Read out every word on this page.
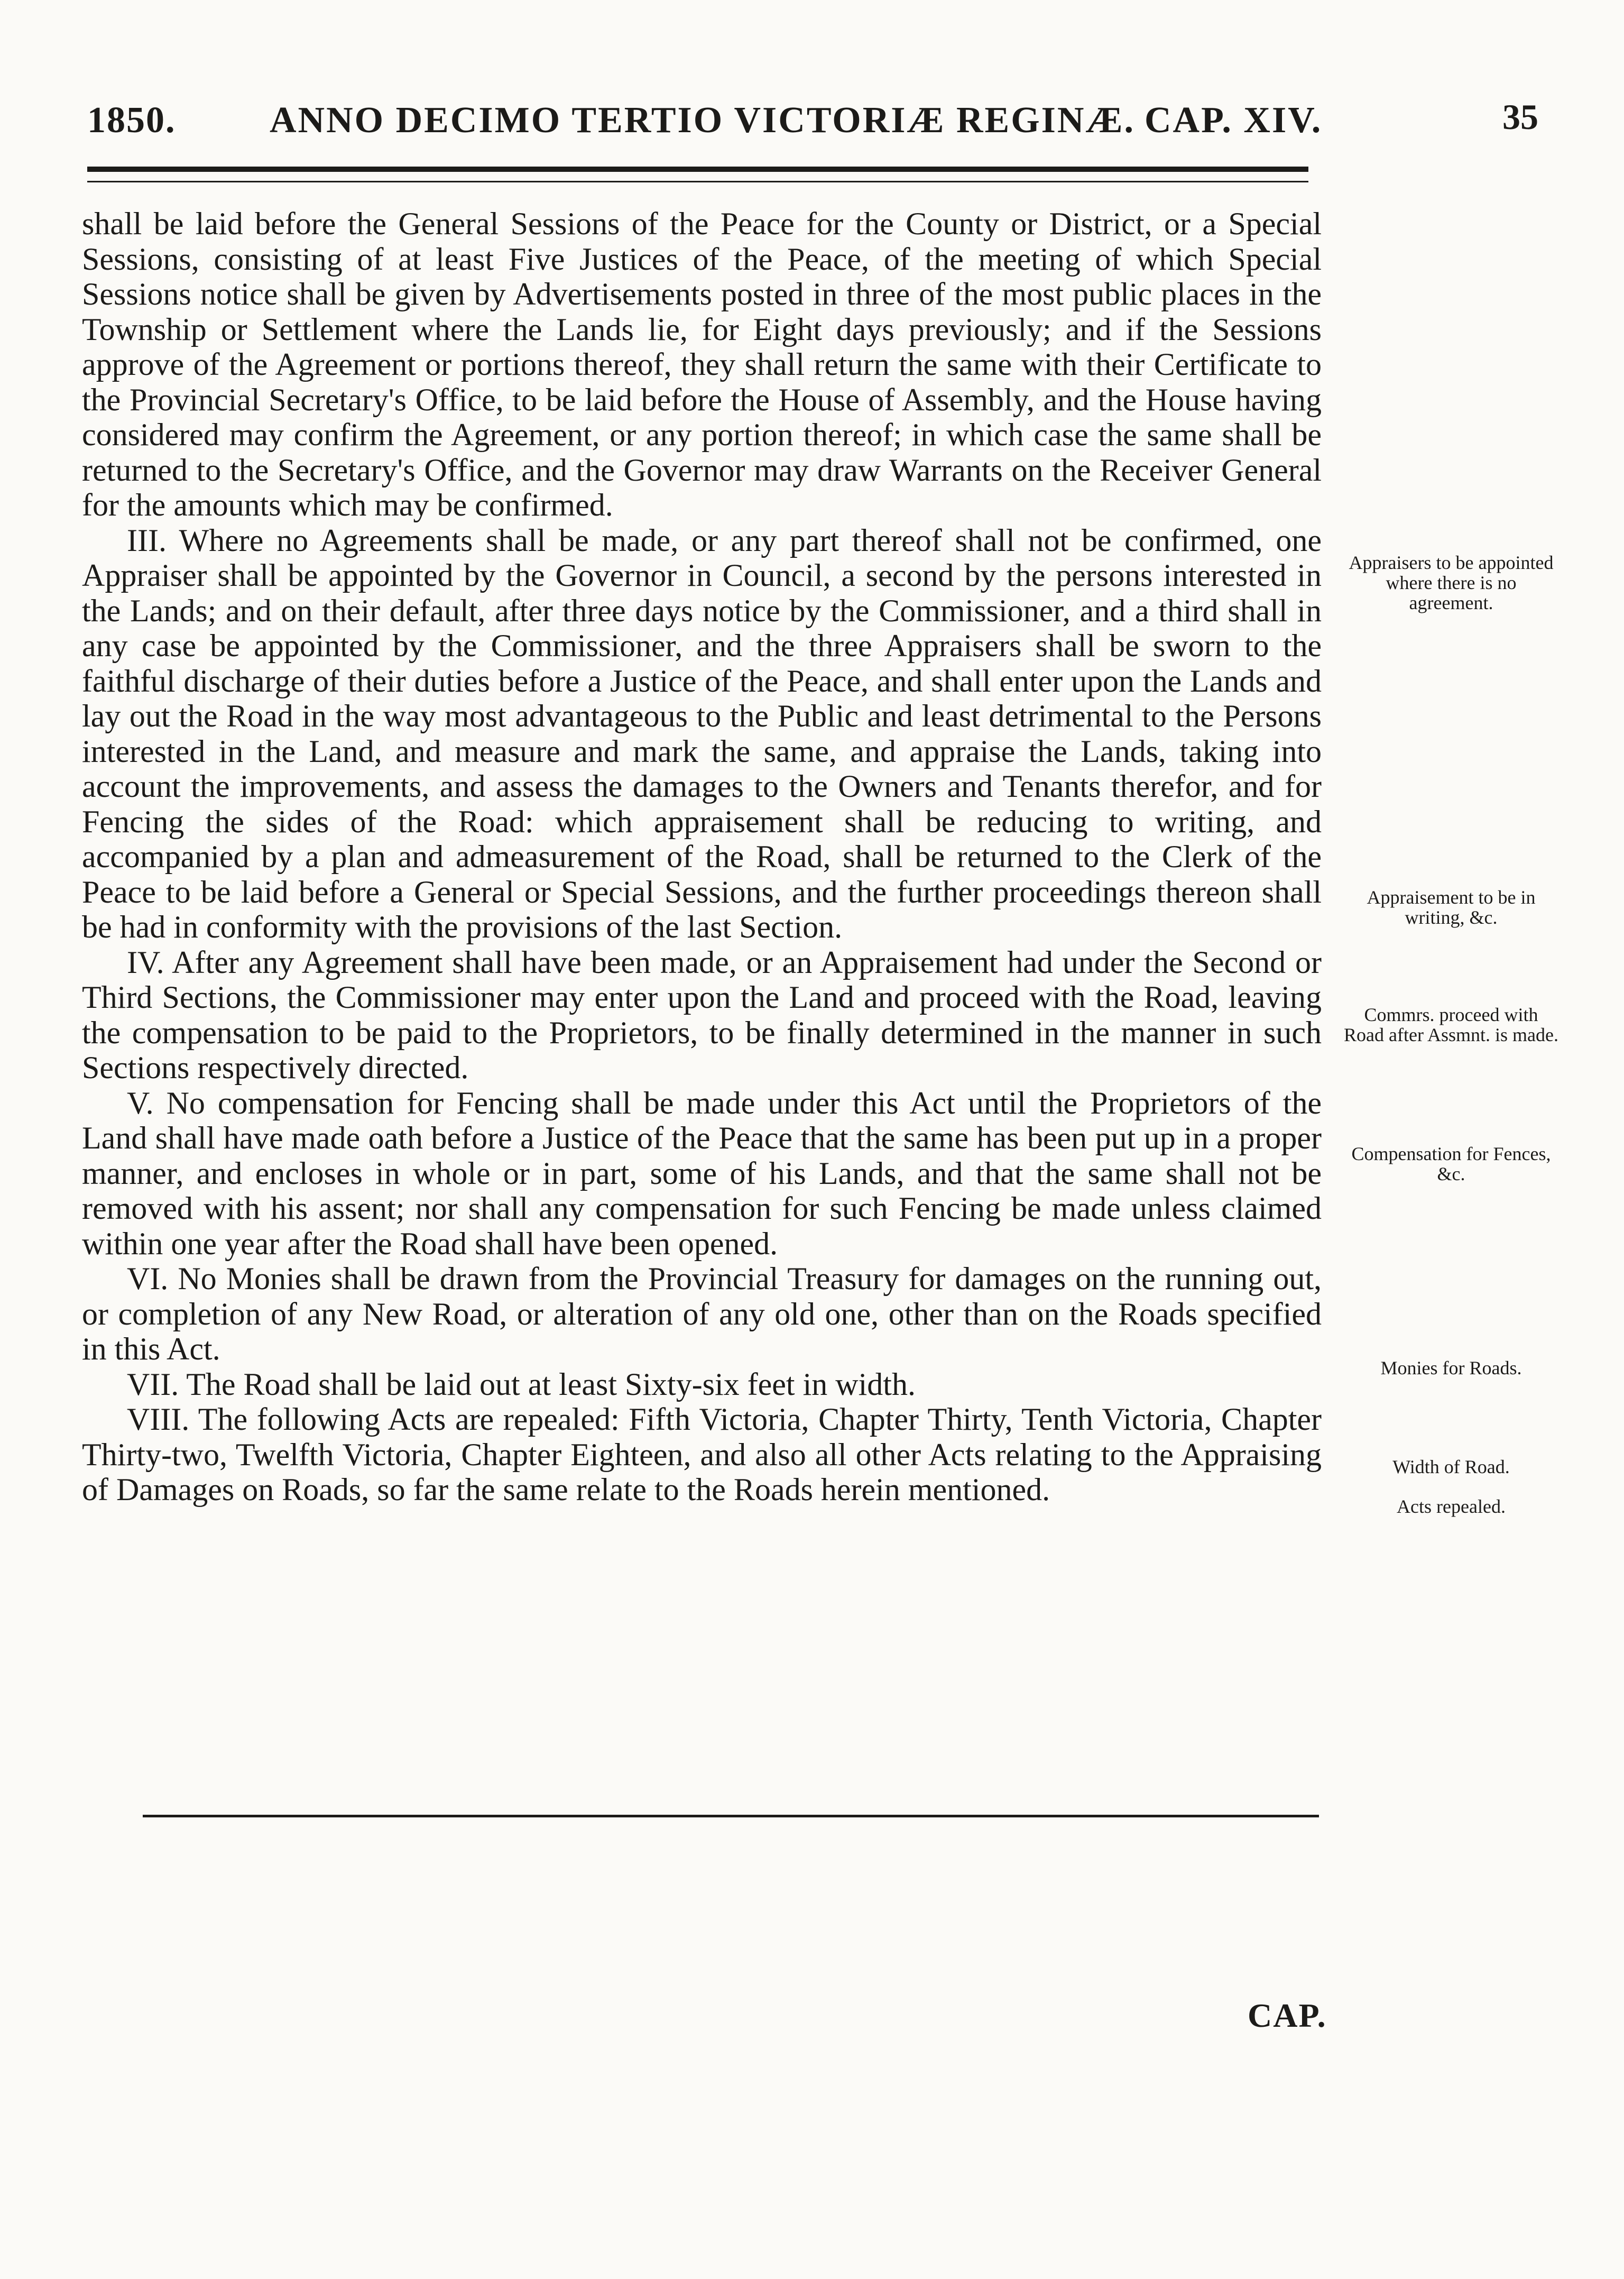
1850.	ANNO DECIMO TERTIO VICTORIÆ REGINÆ. CAP. XIV.	35

shall be laid before the General Sessions of the Peace for the County or District, or a Special Sessions, consisting of at least Five Justices of the Peace, of the meeting of which Special Sessions notice shall be given by Advertisements posted in three of the most public places in the Township or Settlement where the Lands lie, for Eight days previously; and if the Sessions approve of the Agreement or portions thereof, they shall return the same with their Certificate to the Provincial Secretary's Office, to be laid before the House of Assembly, and the House having considered may confirm the Agreement, or any portion thereof; in which case the same shall be returned to the Secretary's Office, and the Governor may draw Warrants on the Receiver General for the amounts which may be confirmed.

III. Where no Agreements shall be made, or any part thereof shall not be confirmed, one Appraiser shall be appointed by the Governor in Council, a second by the persons interested in the Lands; and on their default, after three days notice by the Commissioner, and a third shall in any case be appointed by the Commissioner, and the three Appraisers shall be sworn to the faithful discharge of their duties before a Justice of the Peace, and shall enter upon the Lands and lay out the Road in the way most advantageous to the Public and least detrimental to the Persons interested in the Land, and measure and mark the same, and appraise the Lands, taking into account the improvements, and assess the damages to the Owners and Tenants therefor, and for Fencing the sides of the Road: which appraisement shall be reducing to writing, and accompanied by a plan and admeasurement of the Road, shall be returned to the Clerk of the Peace to be laid before a General or Special Sessions, and the further proceedings thereon shall be had in conformity with the provisions of the last Section.

IV. After any Agreement shall have been made, or an Appraisement had under the Second or Third Sections, the Commissioner may enter upon the Land and proceed with the Road, leaving the compensation to be paid to the Proprietors, to be finally determined in the manner in such Sections respectively directed.

V. No compensation for Fencing shall be made under this Act until the Proprietors of the Land shall have made oath before a Justice of the Peace that the same has been put up in a proper manner, and encloses in whole or in part, some of his Lands, and that the same shall not be removed with his assent; nor shall any compensation for such Fencing be made unless claimed within one year after the Road shall have been opened.

VI. No Monies shall be drawn from the Provincial Treasury for damages on the running out, or completion of any New Road, or alteration of any old one, other than on the Roads specified in this Act.

VII. The Road shall be laid out at least Sixty-six feet in width.

VIII. The following Acts are repealed: Fifth Victoria, Chapter Thirty, Tenth Victoria, Chapter Thirty-two, Twelfth Victoria, Chapter Eighteen, and also all other Acts relating to the Appraising of Damages on Roads, so far the same relate to the Roads herein mentioned.

Appraisers to be appointed where there is no agreement.
Appraisement to be in writing, &c.
Commrs. proceed with Road after Assmnt. is made.
Compensation for Fences, &c.
Monies for Roads.
Width of Road.
Acts repealed.
CAP.
